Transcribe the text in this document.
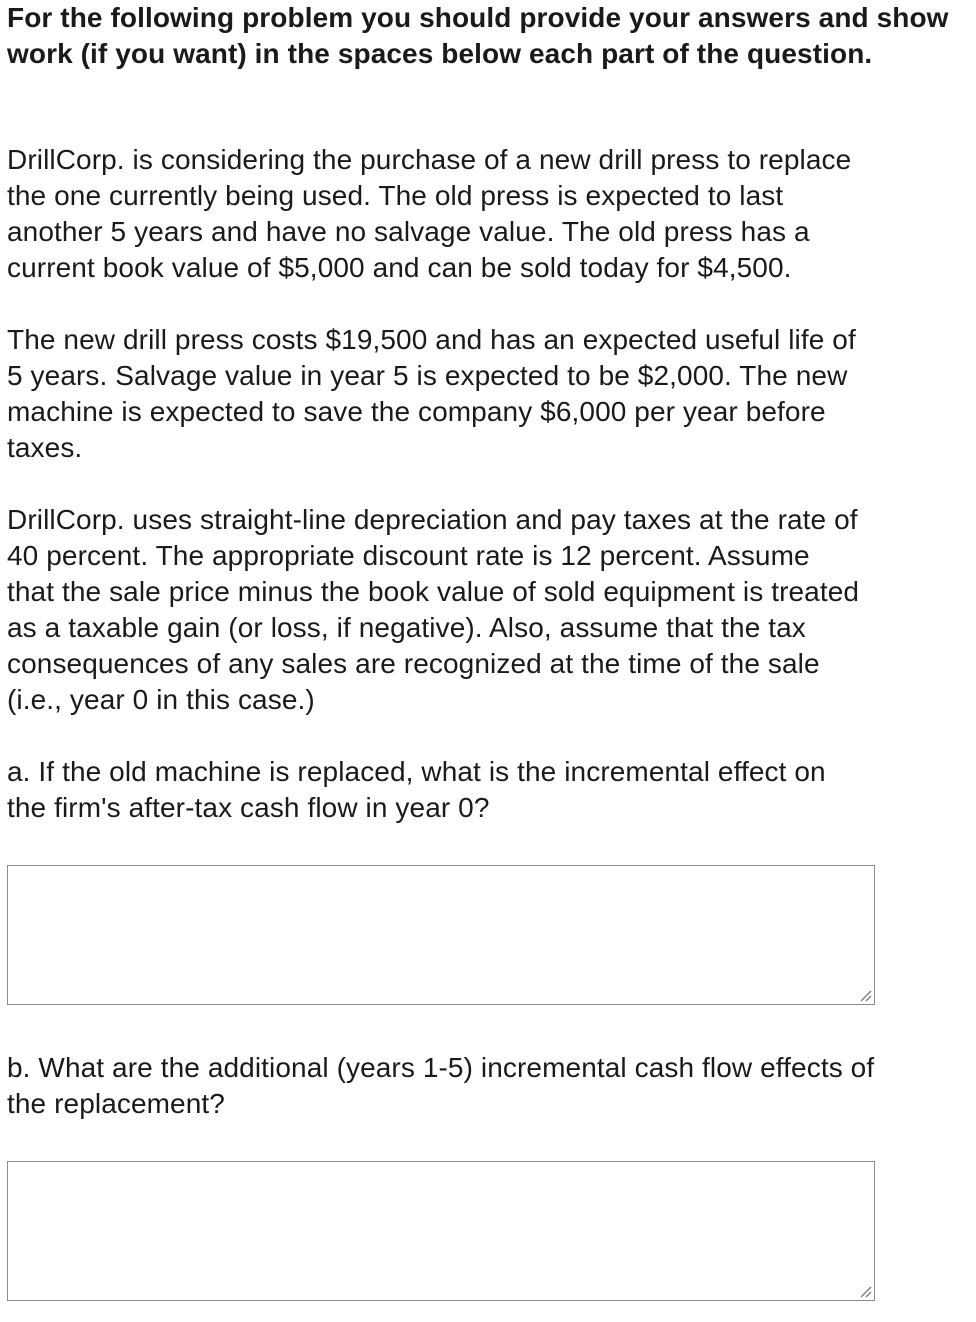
For the following problem you should provide your answers and show work (if you want) in the spaces below each part of the question.

DrillCorp. is considering the purchase of a new drill press to replace
the one currently being used. The old press is expected to last
another 5 years and have no salvage value. The old press has a
current book value of $5,000 and can be sold today for $4,500.

The new drill press costs $19,500 and has an expected useful life of
5 years. Salvage value in year 5 is expected to be $2,000. The new
machine is expected to save the company $6,000 per year before
taxes.

DrillCorp. uses straight-line depreciation and pay taxes at the rate of
40 percent. The appropriate discount rate is 12 percent. Assume
that the sale price minus the book value of sold equipment is treated
as a taxable gain (or loss, if negative). Also, assume that the tax
consequences of any sales are recognized at the time of the sale
(i.e., year 0 in this case.)

a. If the old machine is replaced, what is the incremental effect on
the firm's after-tax cash flow in year 0?

b. What are the additional (years 1-5) incremental cash flow effects of
the replacement?
